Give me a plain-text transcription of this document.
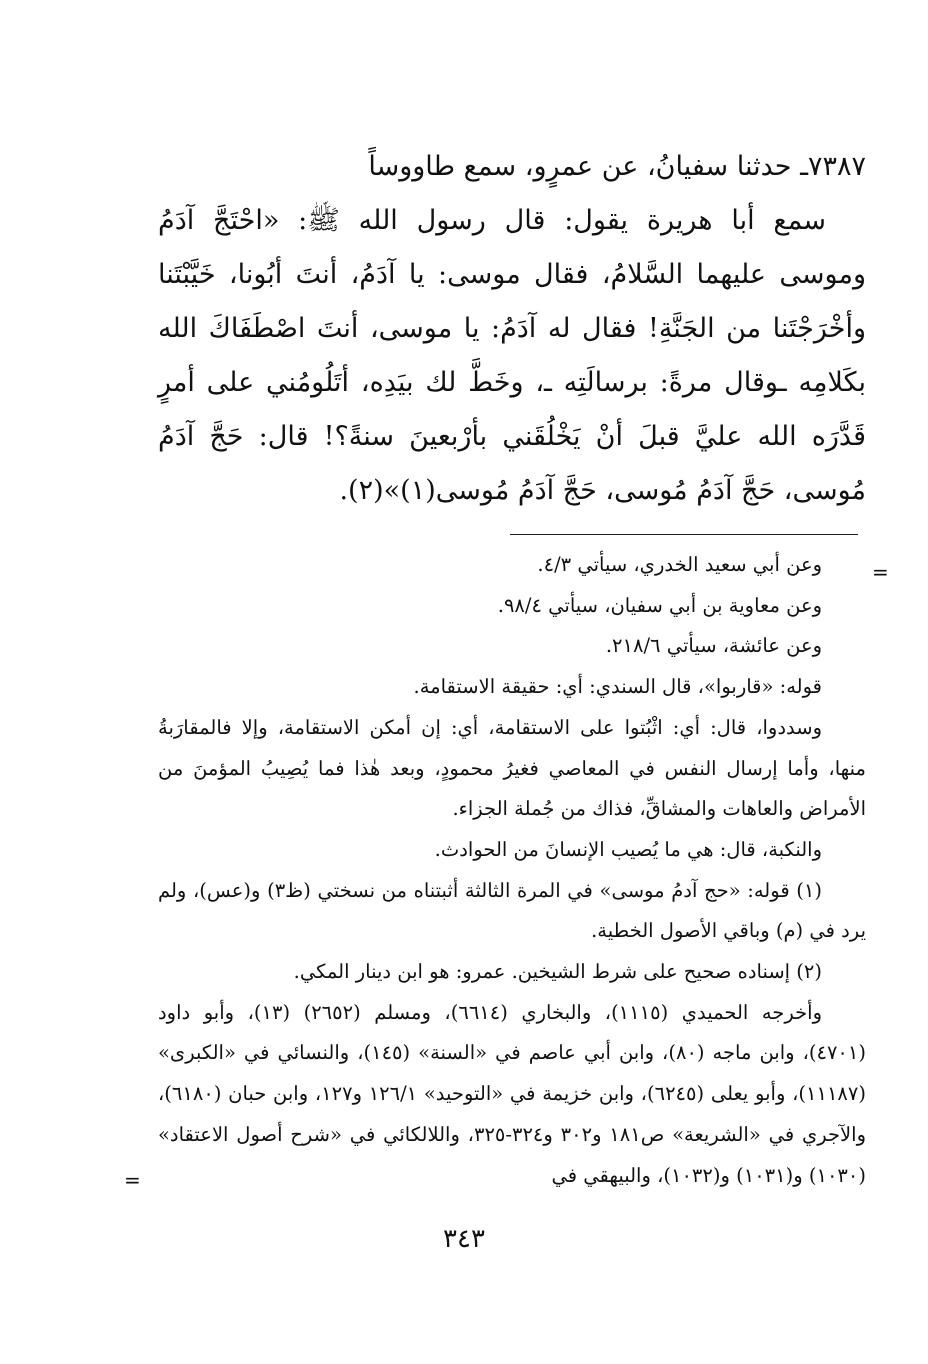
٧٣٨٧ـ حدثنا سفيانُ، عن عمرٍو، سمع طاووساً

سمع أبا هريرة يقول: قال رسول الله ﷺ: «احْتَجَّ آدَمُ وموسى عليهما السَّلامُ، فقال موسى: يا آدَمُ، أنتَ أبُونا، خَيَّبْتَنا وأخْرَجْتَنا من الجَنَّةِ! فقال له آدَمُ: يا موسى، أنتَ اصْطَفَاكَ الله بكَلامِه ـوقال مرةً: برسالَتِه ـ، وخَطَّ لك بيَدِه، أتَلُومُني على أمرٍ قَدَّرَه الله عليَّ قبلَ أنْ يَخْلُقَني بأرْبعينَ سنةً؟! قال: حَجَّ آدَمُ مُوسى، حَجَّ آدَمُ مُوسى، حَجَّ آدَمُ مُوسى(١)»(٢).

=

وعن أبي سعيد الخدري، سيأتي ٤/٣.

وعن معاوية بن أبي سفيان، سيأتي ٩٨/٤.

وعن عائشة، سيأتي ٢١٨/٦.

قوله: «قاربوا»، قال السندي: أي: حقيقة الاستقامة.

وسددوا، قال: أي: اثْبُتوا على الاستقامة، أي: إن أمكن الاستقامة، وإلا فالمقارَبةُ منها، وأما إرسال النفس في المعاصي فغيرُ محمودٍ، وبعد هٰذا فما يُصِيبُ المؤمنَ من الأمراض والعاهات والمشاقِّ، فذاك من جُملة الجزاء.

والنكبة، قال: هي ما يُصيب الإنسانَ من الحوادث.

(١) قوله: «حج آدمُ موسى» في المرة الثالثة أثبتناه من نسختي (ظ٣) و(عس)، ولم يرد في (م) وباقي الأصول الخطية.

(٢) إسناده صحيح على شرط الشيخين. عمرو: هو ابن دينار المكي.

وأخرجه الحميدي (١١١٥)، والبخاري (٦٦١٤)، ومسلم (٢٦٥٢) (١٣)، وأبو داود (٤٧٠١)، وابن ماجه (٨٠)، وابن أبي عاصم في «السنة» (١٤٥)، والنسائي في «الكبرى» (١١١٨٧)، وأبو يعلى (٦٢٤٥)، وابن خزيمة في «التوحيد» ١٢٦/١ و١٢٧، وابن حبان (٦١٨٠)، والآجري في «الشريعة» ص١٨١ و٣٠٢ و٣٢٤-٣٢٥، واللالكائي في «شرح أصول الاعتقاد» (١٠٣٠) و(١٠٣١) و(١٠٣٢)، والبيهقي في

=
٣٤٣
